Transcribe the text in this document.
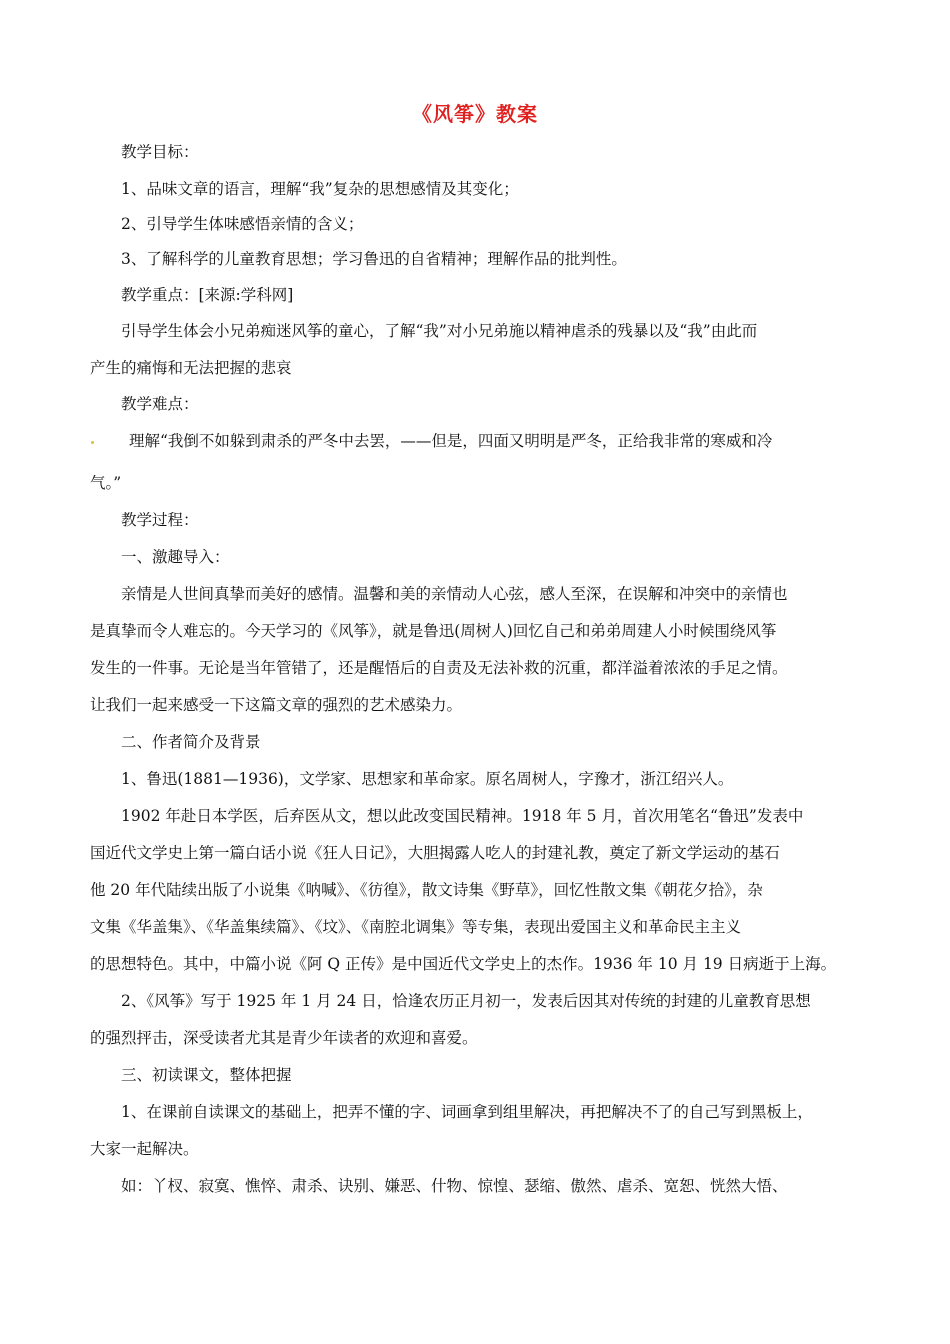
《风筝》教案
教学目标：
1、品味文章的语言，理解“我”复杂的思想感情及其变化；
2、引导学生体味感悟亲情的含义；
3、了解科学的儿童教育思想；学习鲁迅的自省精神；理解作品的批判性。
教学重点：[来源:学科网]
引导学生体会小兄弟痴迷风筝的童心，了解“我”对小兄弟施以精神虐杀的残暴以及“我”由此而
产生的痛悔和无法把握的悲哀
教学难点：
理解“我倒不如躲到肃杀的严冬中去罢，——但是，四面又明明是严冬，正给我非常的寒威和冷
气。”
教学过程：
一、激趣导入：
亲情是人世间真挚而美好的感情。温馨和美的亲情动人心弦，感人至深，在误解和冲突中的亲情也
是真挚而令人难忘的。今天学习的《风筝》，就是鲁迅(周树人)回忆自己和弟弟周建人小时候围绕风筝
发生的一件事。无论是当年管错了，还是醒悟后的自责及无法补救的沉重，都洋溢着浓浓的手足之情。
让我们一起来感受一下这篇文章的强烈的艺术感染力。
二、作者简介及背景
1、鲁迅(1881—1936)，文学家、思想家和革命家。原名周树人，字豫才，浙江绍兴人。
1902 年赴日本学医，后弃医从文，想以此改变国民精神。1918 年 5 月，首次用笔名“鲁迅”发表中
国近代文学史上第一篇白话小说《狂人日记》，大胆揭露人吃人的封建礼教，奠定了新文学运动的基石
他 20 年代陆续出版了小说集《呐喊》、《彷徨》，散文诗集《野草》，回忆性散文集《朝花夕拾》，杂
文集《华盖集》、《华盖集续篇》、《坟》、《南腔北调集》等专集，表现出爱国主义和革命民主主义
的思想特色。其中，中篇小说《阿 Q 正传》是中国近代文学史上的杰作。1936 年 10 月 19 日病逝于上海。
2、《风筝》写于 1925 年 1 月 24 日，恰逢农历正月初一，发表后因其对传统的封建的儿童教育思想
的强烈抨击，深受读者尤其是青少年读者的欢迎和喜爱。
三、初读课文，整体把握
1、在课前自读课文的基础上，把弄不懂的字、词画拿到组里解决，再把解决不了的自己写到黑板上，
大家一起解决。
如：丫杈、寂寞、憔悴、肃杀、诀别、嫌恶、什物、惊惶、瑟缩、傲然、虐杀、宽恕、恍然大悟、
